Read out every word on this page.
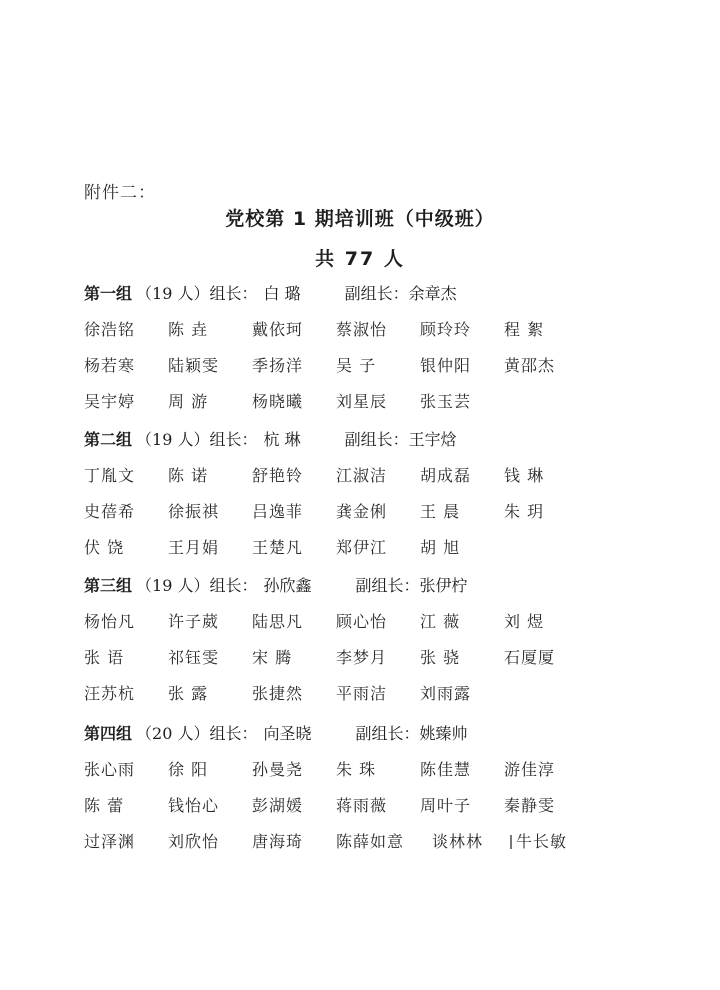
附件二：
党校第 1 期培训班（中级班）
共 77 人
第一组 （19 人）组长： 白 璐	副组长：余章杰
徐浩铭	陈 垚	戴依珂	蔡淑怡	顾玲玲	程 絮
杨若寒	陆颖雯	季扬洋	吴 子	银仲阳	黄邵杰
吴宇婷	周 游	杨晓曦	刘星辰	张玉芸
第二组 （19 人）组长： 杭 琳	副组长：王宇焓
丁胤文	陈 诺	舒艳铃	江淑洁	胡成磊	钱 琳
史蓓希	徐振祺	吕逸菲	龚金俐	王 晨	朱 玥
伏 饶	王月娟	王楚凡	郑伊江	胡 旭
第三组 （19 人）组长： 孙欣鑫	副组长：张伊柠
杨怡凡	许子葳	陆思凡	顾心怡	江 薇	刘 煜
张 语	祁钰雯	宋 腾	李梦月	张 骁	石厦厦
汪苏杭	张 露	张捷然	平雨洁	刘雨露
第四组 （20 人）组长： 向圣晓	副组长：姚臻帅
张心雨	徐 阳	孙曼尧	朱 珠	陈佳慧	游佳淳
陈 蕾	钱怡心	彭湖媛	蒋雨薇	周叶子	秦静雯
过泽渊	刘欣怡	唐海琦	陈薛如意	谈林林	牛长敏
